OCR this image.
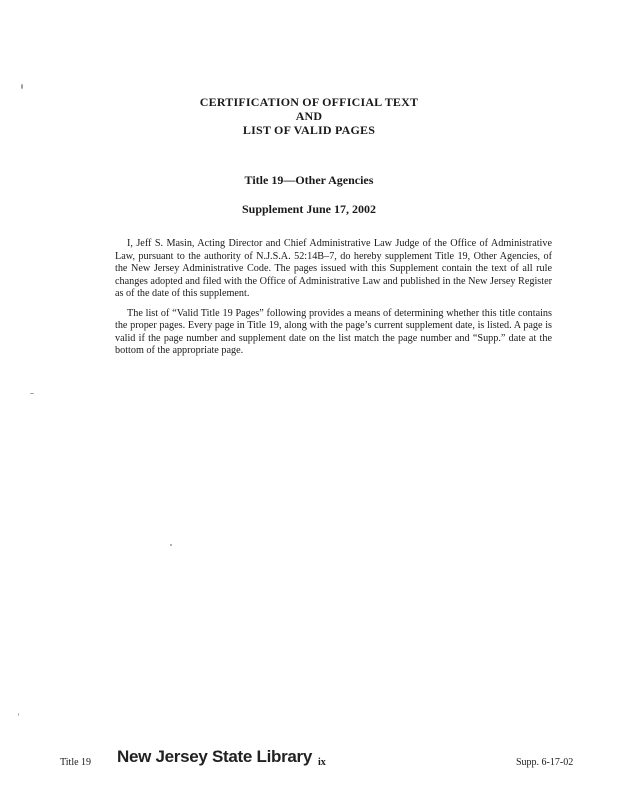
CERTIFICATION OF OFFICIAL TEXT
AND
LIST OF VALID PAGES
Title 19—Other Agencies
Supplement June 17, 2002

I, Jeff S. Masin, Acting Director and Chief Administrative Law Judge of the Office of Administrative Law, pursuant to the authority of N.J.S.A. 52:14B–7, do hereby supplement Title 19, Other Agencies, of the New Jersey Administrative Code. The pages issued with this Supplement contain the text of all rule changes adopted and filed with the Office of Administrative Law and published in the New Jersey Register as of the date of this supplement.

The list of “Valid Title 19 Pages” following provides a means of determining whether this title contains the proper pages. Every page in Title 19, along with the page’s current supplement date, is listed. A page is valid if the page number and supplement date on the list match the page number and “Supp.” date at the bottom of the appropriate page.

Title 19 New Jersey State Library ix	Supp. 6-17-02
